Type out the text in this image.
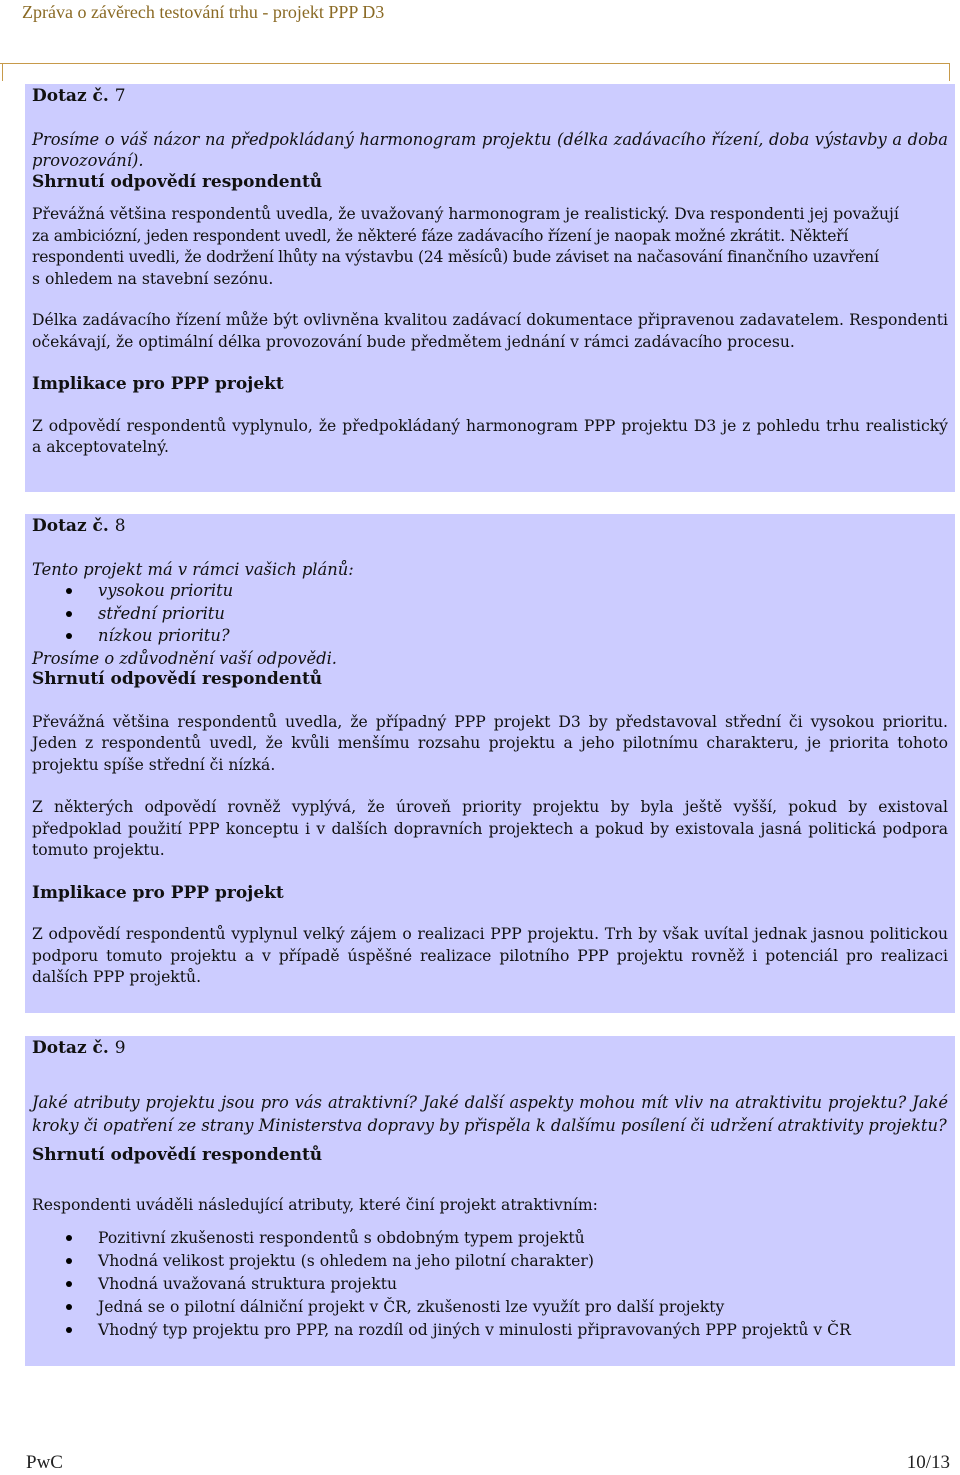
Zpráva o závěrech testování trhu - projekt PPP D3

Dotaz č. 7

Prosíme o váš názor na předpokládaný harmonogram projektu (délka zadávacího řízení, doba výstavby a doba provozování).

Shrnutí odpovědí respondentů

Převážná většina respondentů uvedla, že uvažovaný harmonogram je realistický. Dva respondenti jej považují

za ambiciózní, jeden respondent uvedl, že některé fáze zadávacího řízení je naopak možné zkrátit. Někteří

respondenti uvedli, že dodržení lhůty na výstavbu (24 měsíců) bude záviset na načasování finančního uzavření

s ohledem na stavební sezónu.

Délka zadávacího řízení může být ovlivněna kvalitou zadávací dokumentace připravenou zadavatelem. Respondenti očekávají, že optimální délka provozování bude předmětem jednání v rámci zadávacího procesu.

Implikace pro PPP projekt

Z odpovědí respondentů vyplynulo, že předpokládaný harmonogram PPP projektu D3 je z pohledu trhu realistický a akceptovatelný.

Dotaz č. 8

Tento projekt má v rámci vašich plánů:

vysokou prioritu
střední prioritu
nízkou prioritu?

Prosíme o zdůvodnění vaší odpovědi.

Shrnutí odpovědí respondentů

Převážná většina respondentů uvedla, že případný PPP projekt D3 by představoval střední či vysokou prioritu. Jeden z respondentů uvedl, že kvůli menšímu rozsahu projektu a jeho pilotnímu charakteru, je priorita tohoto projektu spíše střední či nízká.

Z některých odpovědí rovněž vyplývá, že úroveň priority projektu by byla ještě vyšší, pokud by existoval předpoklad použití PPP konceptu i v dalších dopravních projektech a pokud by existovala jasná politická podpora tomuto projektu.

Implikace pro PPP projekt

Z odpovědí respondentů vyplynul velký zájem o realizaci PPP projektu. Trh by však uvítal jednak jasnou politickou podporu tomuto projektu a v případě úspěšné realizace pilotního PPP projektu rovněž i potenciál pro realizaci dalších PPP projektů.

Dotaz č. 9

Jaké atributy projektu jsou pro vás atraktivní? Jaké další aspekty mohou mít vliv na atraktivitu projektu? Jaké kroky či opatření ze strany Ministerstva dopravy by přispěla k dalšímu posílení či udržení atraktivity projektu?

Shrnutí odpovědí respondentů

Respondenti uváděli následující atributy, které činí projekt atraktivním:

Pozitivní zkušenosti respondentů s obdobným typem projektů
Vhodná velikost projektu (s ohledem na jeho pilotní charakter)
Vhodná uvažovaná struktura projektu
Jedná se o pilotní dálniční projekt v ČR, zkušenosti lze využít pro další projekty
Vhodný typ projektu pro PPP, na rozdíl od jiných v minulosti připravovaných PPP projektů v ČR
PwC	10/13
